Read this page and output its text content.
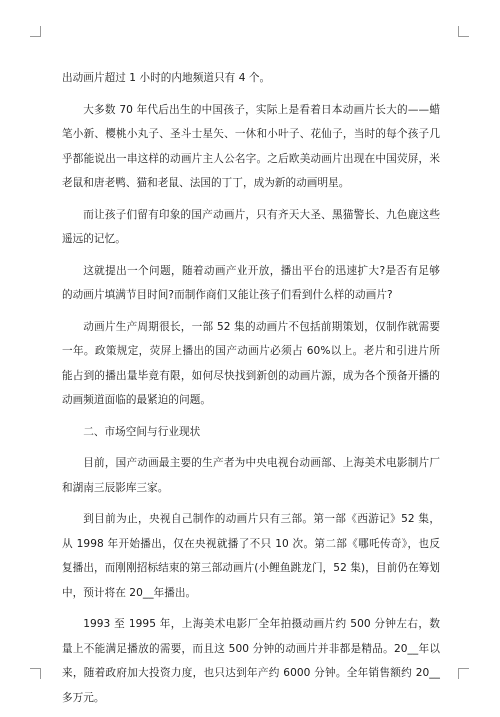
出动画片超过 1 小时的内地频道只有 4 个。

大多数 70 年代后出生的中国孩子，实际上是看着日本动画片长大的——蜡笔小新、樱桃小丸子、圣斗士星矢、一休和小叶子、花仙子，当时的每个孩子几乎都能说出一串这样的动画片主人公名字。之后欧美动画片出现在中国荧屏，米老鼠和唐老鸭、猫和老鼠、法国的丁丁，成为新的动画明星。

而让孩子们留有印象的国产动画片，只有齐天大圣、黑猫警长、九色鹿这些遥远的记忆。

这就提出一个问题，随着动画产业开放，播出平台的迅速扩大?是否有足够的动画片填满节目时间?而制作商们又能让孩子们看到什么样的动画片?

动画片生产周期很长，一部 52 集的动画片不包括前期策划，仅制作就需要一年。政策规定，荧屏上播出的国产动画片必须占 60%以上。老片和引进片所能占到的播出量毕竟有限，如何尽快找到新创的动画片源，成为各个预备开播的动画频道面临的最紧迫的问题。

二、市场空间与行业现状

目前，国产动画最主要的生产者为中央电视台动画部、上海美术电影制片厂和湖南三辰影库三家。

到目前为止，央视自己制作的动画片只有三部。第一部《西游记》52 集，从 1998 年开始播出，仅在央视就播了不只 10 次。第二部《哪吒传奇》，也反复播出，而刚刚招标结束的第三部动画片(小鲤鱼跳龙门，52 集)，目前仍在筹划中，预计将在 20__年播出。

1993 至 1995 年，上海美术电影厂全年拍摄动画片约 500 分钟左右，数量上不能满足播放的需要，而且这 500 分钟的动画片并非都是精品。20__年以来，随着政府加大投资力度，也只达到年产约 6000 分钟。全年销售额约 20__多万元。
